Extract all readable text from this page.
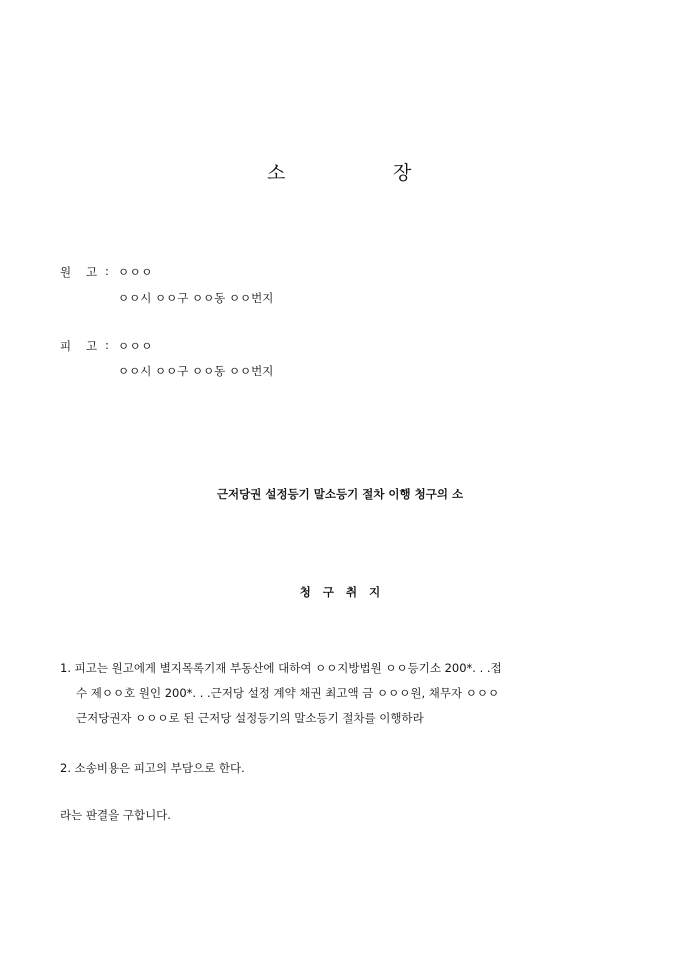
소	장
원 고 : ㅇㅇㅇ
ㅇㅇ시 ㅇㅇ구 ㅇㅇ동 ㅇㅇ번지
피 고 : ㅇㅇㅇ
ㅇㅇ시 ㅇㅇ구 ㅇㅇ동 ㅇㅇ번지
근저당권 설정등기 말소등기 절차 이행 청구의 소
청 구 취 지
1. 피고는 원고에게 별지목록기재 부동산에 대하여 ㅇㅇ지방법원 ㅇㅇ등기소 200*. . .접
수 제ㅇㅇ호 원인 200*. . .근저당 설정 계약 채권 최고액 금 ㅇㅇㅇ원, 채무자 ㅇㅇㅇ
근저당권자 ㅇㅇㅇ로 된 근저당 설정등기의 말소등기 절차를 이행하라
2. 소송비용은 피고의 부담으로 한다.
라는 판결을 구합니다.
